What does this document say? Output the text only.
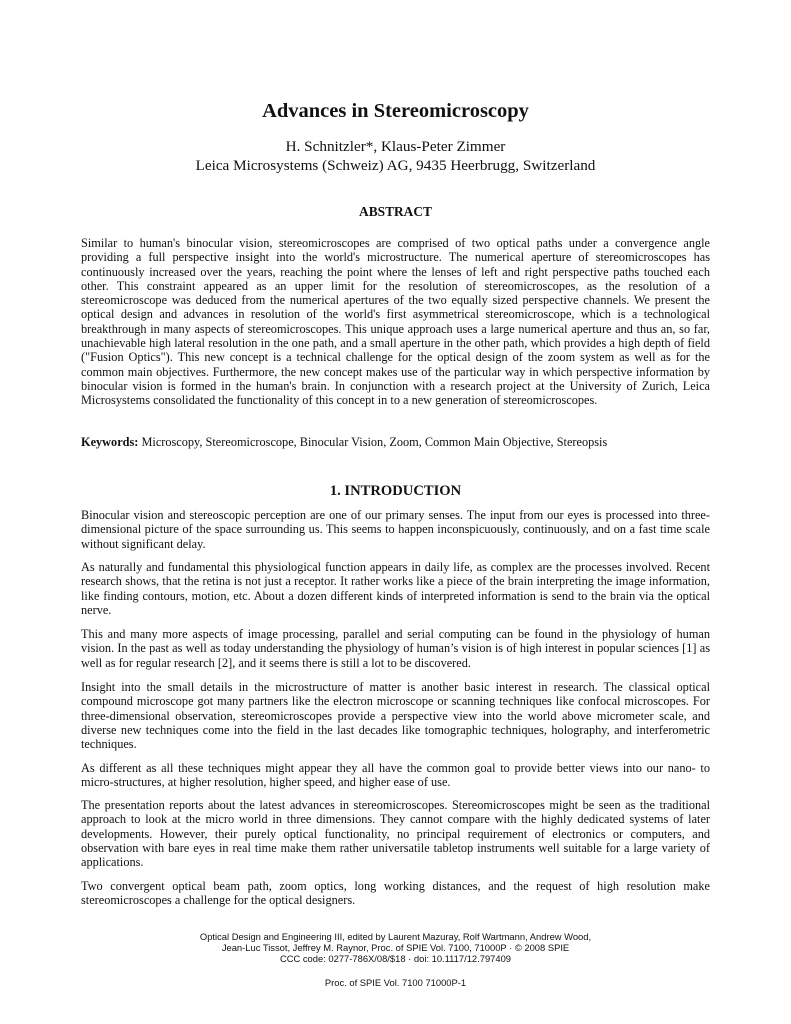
Advances in Stereomicroscopy
H. Schnitzler*, Klaus-Peter Zimmer
Leica Microsystems (Schweiz) AG, 9435 Heerbrugg, Switzerland
ABSTRACT

Similar to human's binocular vision, stereomicroscopes are comprised of two optical paths under a convergence angle providing a full perspective insight into the world's microstructure. The numerical aperture of stereomicroscopes has continuously increased over the years, reaching the point where the lenses of left and right perspective paths touched each other. This constraint appeared as an upper limit for the resolution of stereomicroscopes, as the resolution of a stereomicroscope was deduced from the numerical apertures of the two equally sized perspective channels. We present the optical design and advances in resolution of the world's first asymmetrical stereomicroscope, which is a technological breakthrough in many aspects of stereomicroscopes. This unique approach uses a large numerical aperture and thus an, so far, unachievable high lateral resolution in the one path, and a small aperture in the other path, which provides a high depth of field ("Fusion Optics"). This new concept is a technical challenge for the optical design of the zoom system as well as for the common main objectives. Furthermore, the new concept makes use of the particular way in which perspective information by binocular vision is formed in the human's brain. In conjunction with a research project at the University of Zurich, Leica Microsystems consolidated the functionality of this concept in to a new generation of stereomicroscopes.

Keywords: Microscopy, Stereomicroscope, Binocular Vision, Zoom, Common Main Objective, Stereopsis

1. INTRODUCTION

Binocular vision and stereoscopic perception are one of our primary senses. The input from our eyes is processed into three-dimensional picture of the space surrounding us. This seems to happen inconspicuously, continuously, and on a fast time scale without significant delay.

As naturally and fundamental this physiological function appears in daily life, as complex are the processes involved. Recent research shows, that the retina is not just a receptor. It rather works like a piece of the brain interpreting the image information, like finding contours, motion, etc. About a dozen different kinds of interpreted information is send to the brain via the optical nerve.

This and many more aspects of image processing, parallel and serial computing can be found in the physiology of human vision. In the past as well as today understanding the physiology of human’s vision is of high interest in popular sciences [1] as well as for regular research [2], and it seems there is still a lot to be discovered.

Insight into the small details in the microstructure of matter is another basic interest in research. The classical optical compound microscope got many partners like the electron microscope or scanning techniques like confocal microscopes. For three-dimensional observation, stereomicroscopes provide a perspective view into the world above micrometer scale, and diverse new techniques come into the field in the last decades like tomographic techniques, holography, and interferometric techniques.

As different as all these techniques might appear they all have the common goal to provide better views into our nano- to micro-structures, at higher resolution, higher speed, and higher ease of use.

The presentation reports about the latest advances in stereomicroscopes. Stereomicroscopes might be seen as the traditional approach to look at the micro world in three dimensions. They cannot compare with the highly dedicated systems of later developments. However, their purely optical functionality, no principal requirement of electronics or computers, and observation with bare eyes in real time make them rather universatile tabletop instruments well suitable for a large variety of applications.

Two convergent optical beam path, zoom optics, long working distances, and the request of high resolution make stereomicroscopes a challenge for the optical designers.

Optical Design and Engineering III, edited by Laurent Mazuray, Rolf Wartmann, Andrew Wood,
Jean-Luc Tissot, Jeffrey M. Raynor, Proc. of SPIE Vol. 7100, 71000P · © 2008 SPIE
CCC code: 0277-786X/08/$18 · doi: 10.1117/12.797409
Proc. of SPIE Vol. 7100 71000P-1
